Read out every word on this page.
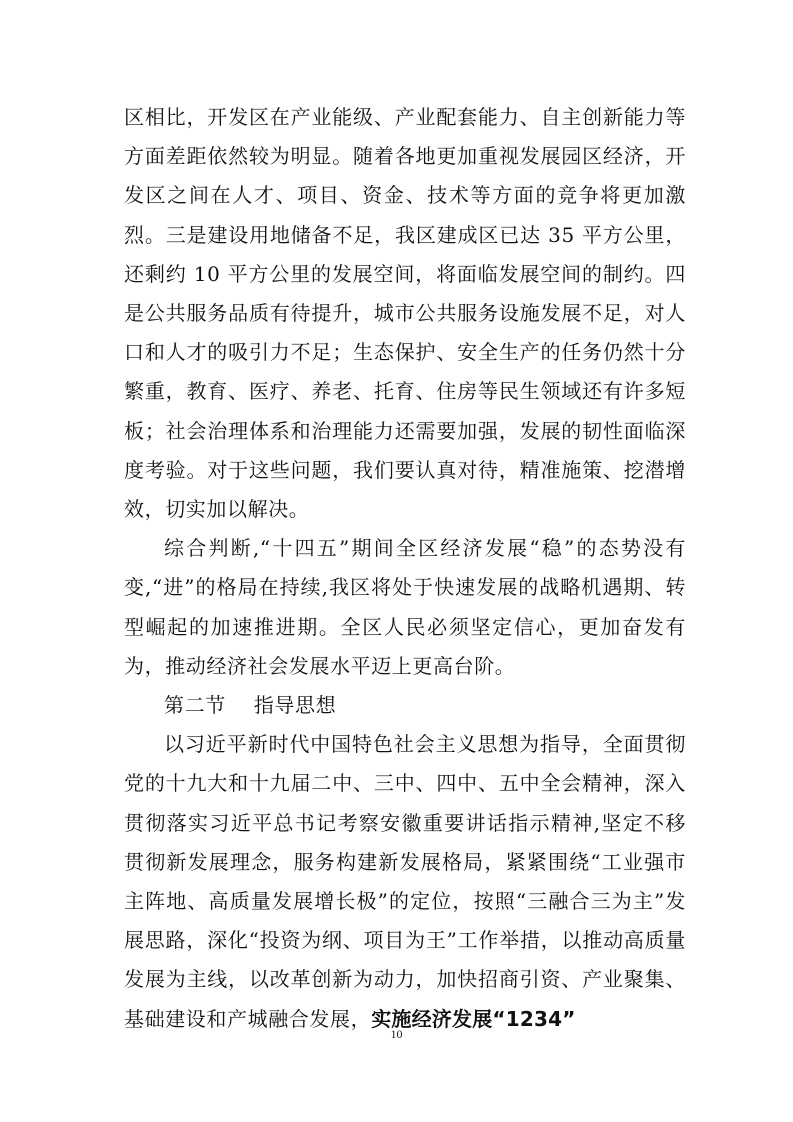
区相比，开发区在产业能级、产业配套能力、自主创新能力等方面差距依然较为明显。随着各地更加重视发展园区经济，开发区之间在人才、项目、资金、技术等方面的竞争将更加激烈。三是建设用地储备不足，我区建成区已达 35 平方公里，还剩约 10 平方公里的发展空间，将面临发展空间的制约。四是公共服务品质有待提升，城市公共服务设施发展不足，对人口和人才的吸引力不足；生态保护、安全生产的任务仍然十分繁重，教育、医疗、养老、托育、住房等民生领域还有许多短板；社会治理体系和治理能力还需要加强，发展的韧性面临深度考验。对于这些问题，我们要认真对待，精准施策、挖潜增效，切实加以解决。

综合判断,“十四五”期间全区经济发展“稳”的态势没有变,“进”的格局在持续,我区将处于快速发展的战略机遇期、转型崛起的加速推进期。全区人民必须坚定信心，更加奋发有为，推动经济社会发展水平迈上更高台阶。

第二节 指导思想

以习近平新时代中国特色社会主义思想为指导，全面贯彻党的十九大和十九届二中、三中、四中、五中全会精神，深入贯彻落实习近平总书记考察安徽重要讲话指示精神,坚定不移贯彻新发展理念，服务构建新发展格局，紧紧围绕“工业强市主阵地、高质量发展增长极”的定位，按照“三融合三为主”发展思路，深化“投资为纲、项目为王”工作举措，以推动高质量发展为主线，以改革创新为动力，加快招商引资、产业聚集、基础建设和产城融合发展，实施经济发展“1234”

10
